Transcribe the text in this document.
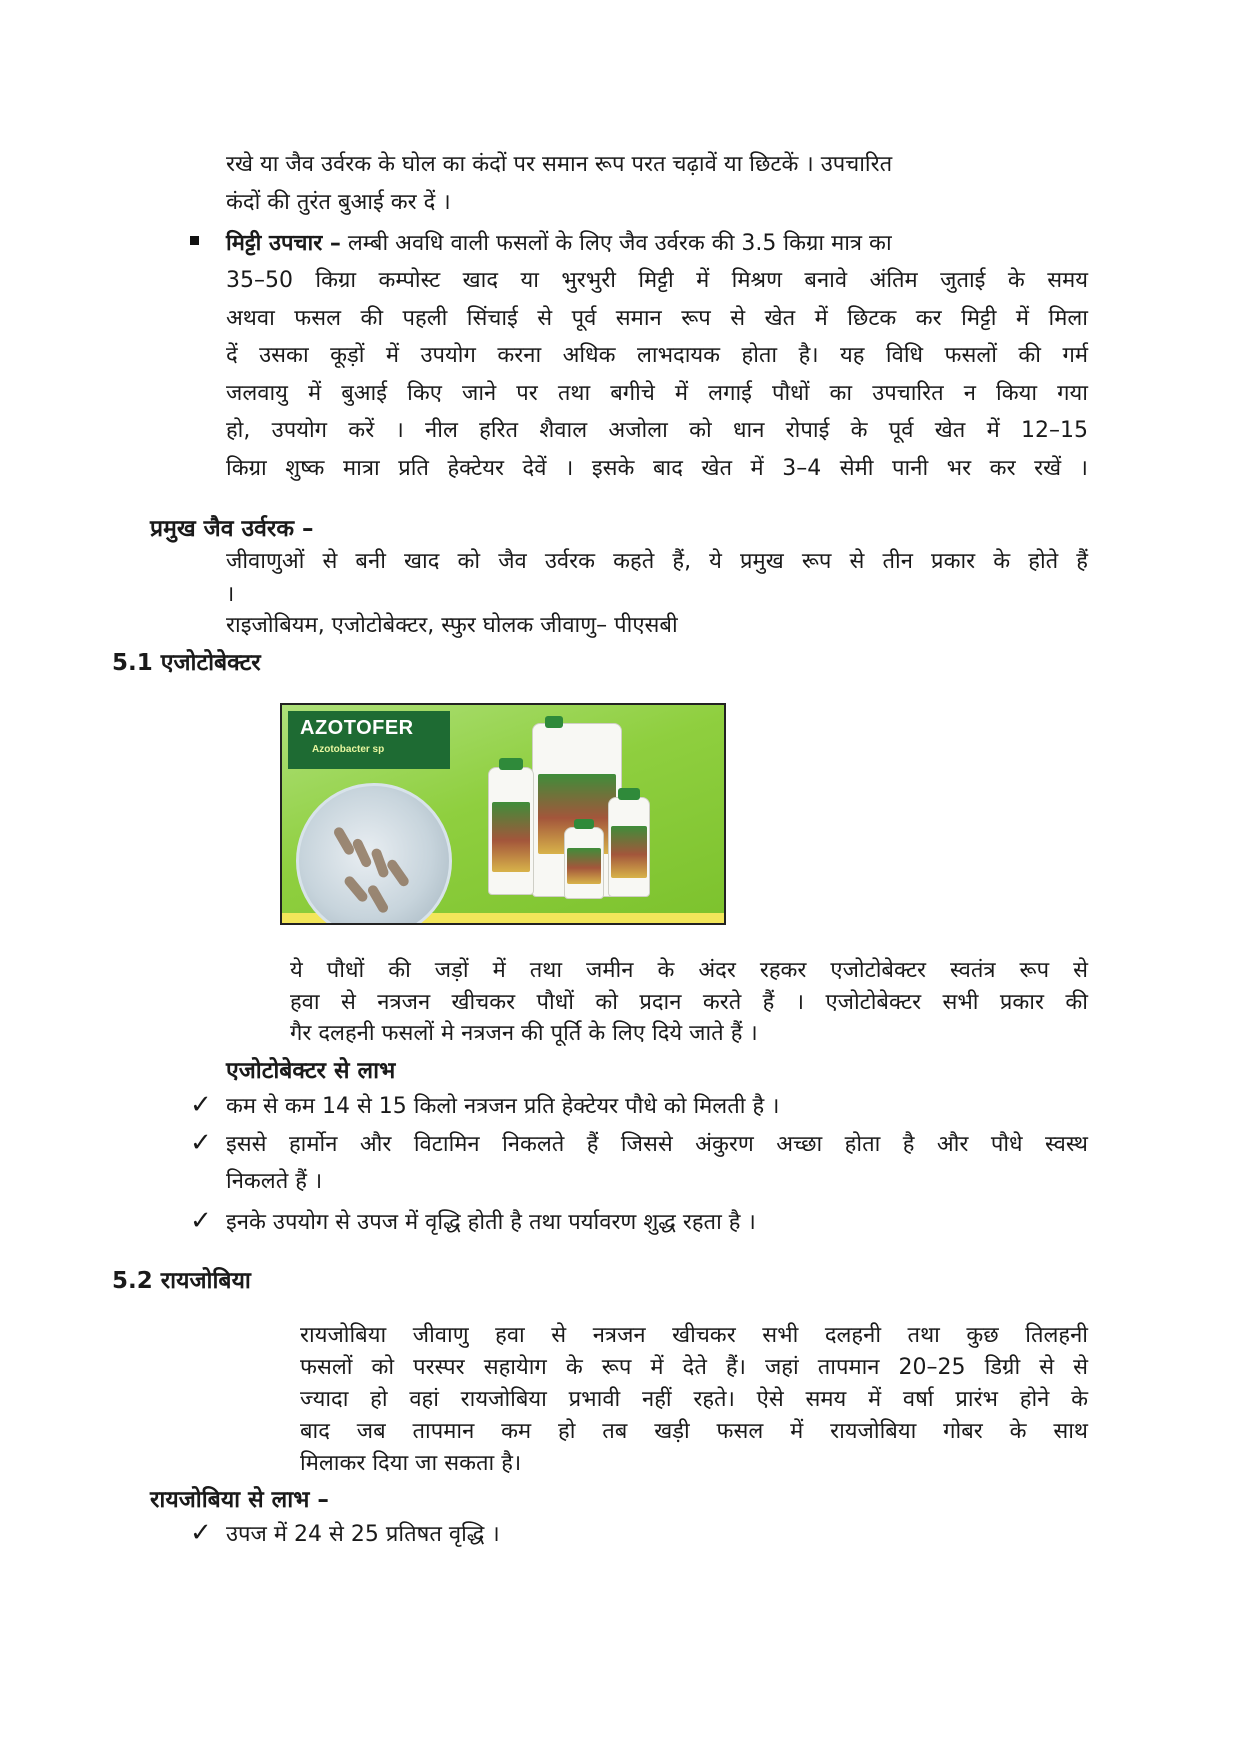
रखे या जैव उर्वरक के घोल का कंदों पर समान रूप परत चढ़ावें या छिटकें । उपचारित
कंदों की तुरंत बुआई कर दें ।
मिट्टी उपचार – लम्बी अवधि वाली फसलों के लिए जैव उर्वरक की 3.5 किग्रा मात्र का
35–50 किग्रा कम्पोस्ट खाद या भुरभुरी मिट्टी में मिश्रण बनावे अंतिम जुताई के समय
अथवा फसल की पहली सिंचाई से पूर्व समान रूप से खेत में छिटक कर मिट्टी में मिला
दें उसका कूड़ों में उपयोग करना अधिक लाभदायक होता है। यह विधि फसलों की गर्म
जलवायु में बुआई किए जाने पर तथा बगीचे में लगाई पौधों का उपचारित न किया गया
हो, उपयोग करें । नील हरित शैवाल अजोला को धान रोपाई के पूर्व खेत में 12–15
किग्रा शुष्क मात्रा प्रति हेक्टेयर देवें । इसके बाद खेत में 3–4 सेमी पानी भर कर रखें ।
प्रमुख जैव उर्वरक –
जीवाणुओं से बनी खाद को जैव उर्वरक कहते हैं, ये प्रमुख रूप से तीन प्रकार के होते हैं
।
राइजोबियम, एजोटोबेक्टर, स्फुर घोलक जीवाणु– पीएसबी
5.1 एजोटोबेक्टर
AZOTOFER
Azotobacter sp
ये पौधों की जड़ों में तथा जमीन के अंदर रहकर एजोटोबेक्टर स्वतंत्र रूप से
हवा से नत्रजन खीचकर पौधों को प्रदान करते हैं । एजोटोबेक्टर सभी प्रकार की
गैर दलहनी फसलों मे नत्रजन की पूर्ति के लिए दिये जाते हैं ।
एजोटोबेक्टर से लाभ
✓ कम से कम 14 से 15 किलो नत्रजन प्रति हेक्टेयर पौधे को मिलती है ।
✓ इससे हार्मोन और विटामिन निकलते हैं जिससे अंकुरण अच्छा होता है और पौधे स्वस्थ
निकलते हैं ।
✓ इनके उपयोग से उपज में वृद्धि होती है तथा पर्यावरण शुद्ध रहता है ।
5.2 रायजोबिया
रायजोबिया जीवाणु हवा से नत्रजन खीचकर सभी दलहनी तथा कुछ तिलहनी
फसलों को परस्पर सहायेाग के रूप में देते हैं। जहां तापमान 20–25 डिग्री से से
ज्यादा हो वहां रायजोबिया प्रभावी नहीं रहते। ऐसे समय में वर्षा प्रारंभ होने के
बाद जब तापमान कम हो तब खड़ी फसल में रायजोबिया गोबर के साथ
मिलाकर दिया जा सकता है।
रायजोबिया से लाभ –
✓ उपज में 24 से 25 प्रतिषत वृद्धि ।
